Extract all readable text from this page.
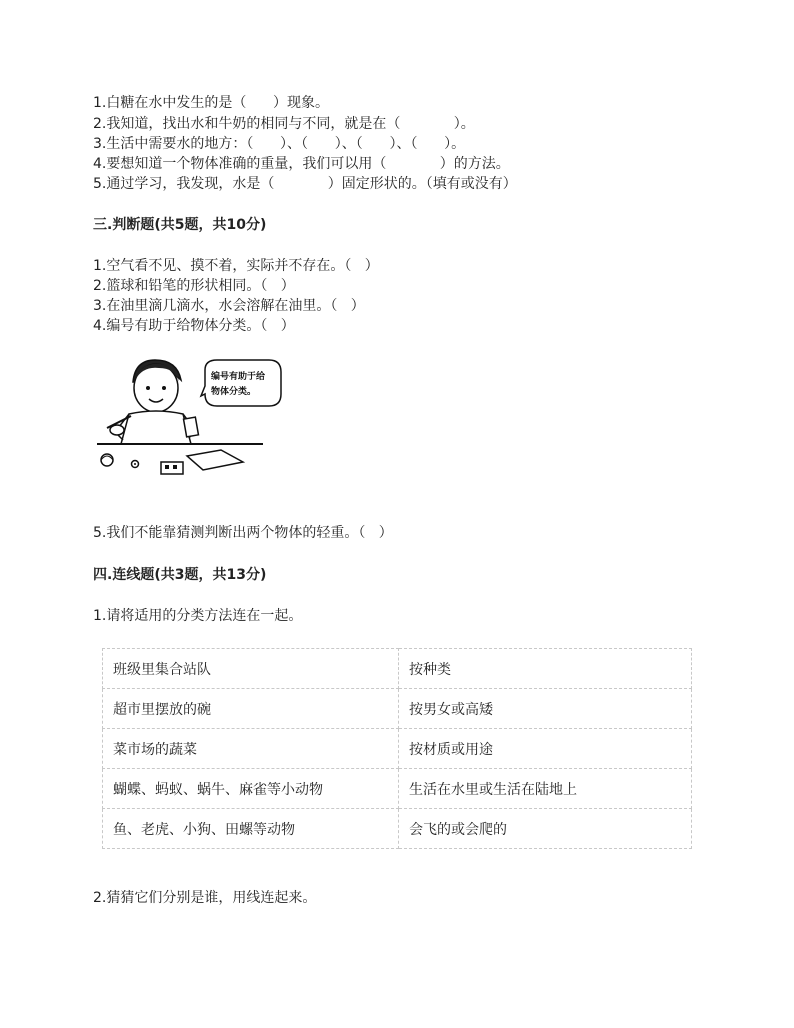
1.白糖在水中发生的是（      ）现象。
2.我知道，找出水和牛奶的相同与不同，就是在（            ）。
3.生活中需要水的地方：（      ）、（      ）、（      ）、（      ）。
4.要想知道一个物体准确的重量，我们可以用（            ）的方法。
5.通过学习，我发现，水是（            ）固定形状的。（填有或没有）
三.判断题(共5题，共10分)
1.空气看不见、摸不着，实际并不存在。（   ）
2.篮球和铅笔的形状相同。（   ）
3.在油里滴几滴水，水会溶解在油里。（   ）
4.编号有助于给物体分类。（   ）
编号有助于给
物体分类。
5.我们不能靠猜测判断出两个物体的轻重。（   ）
四.连线题(共3题，共13分)
1.请将适用的分类方法连在一起。
班级里集合站队	按种类
超市里摆放的碗	按男女或高矮
菜市场的蔬菜	按材质或用途
蝴蝶、蚂蚁、蜗牛、麻雀等小动物	生活在水里或生活在陆地上
鱼、老虎、小狗、田螺等动物	会飞的或会爬的
2.猜猜它们分别是谁，用线连起来。
